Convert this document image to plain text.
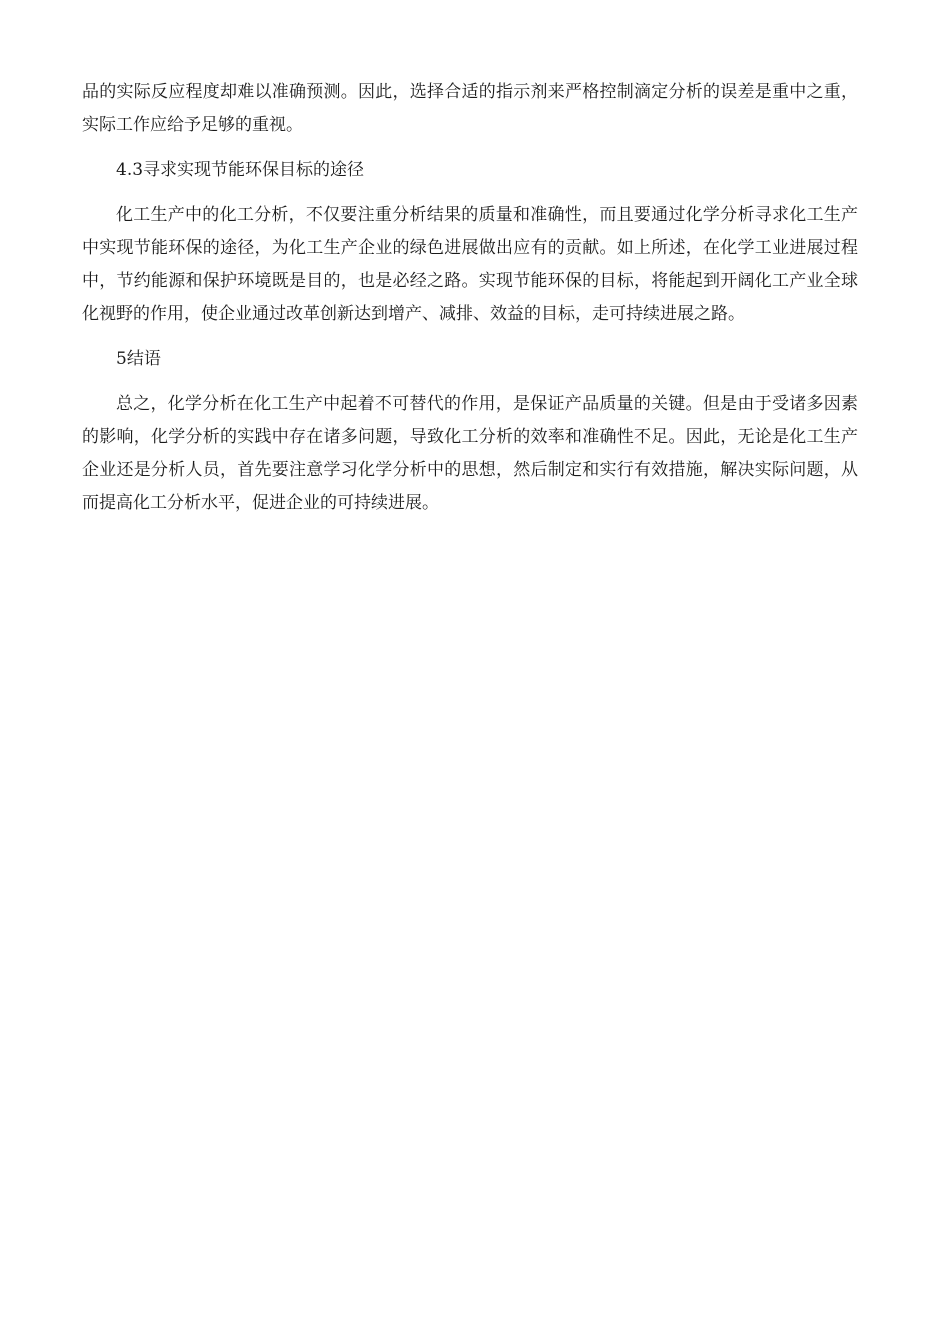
品的实际反应程度却难以准确预测。因此，选择合适的指示剂来严格控制滴定分析的误差是重中之重，实际工作应给予足够的重视。

4.3寻求实现节能环保目标的途径

化工生产中的化工分析，不仅要注重分析结果的质量和准确性，而且要通过化学分析寻求化工生产中实现节能环保的途径，为化工生产企业的绿色进展做出应有的贡献。如上所述，在化学工业进展过程中，节约能源和保护环境既是目的，也是必经之路。实现节能环保的目标，将能起到开阔化工产业全球化视野的作用，使企业通过改革创新达到增产、减排、效益的目标，走可持续进展之路。

5结语

总之，化学分析在化工生产中起着不可替代的作用，是保证产品质量的关键。但是由于受诸多因素的影响，化学分析的实践中存在诸多问题，导致化工分析的效率和准确性不足。因此，无论是化工生产企业还是分析人员，首先要注意学习化学分析中的思想，然后制定和实行有效措施，解决实际问题，从而提高化工分析水平，促进企业的可持续进展。
